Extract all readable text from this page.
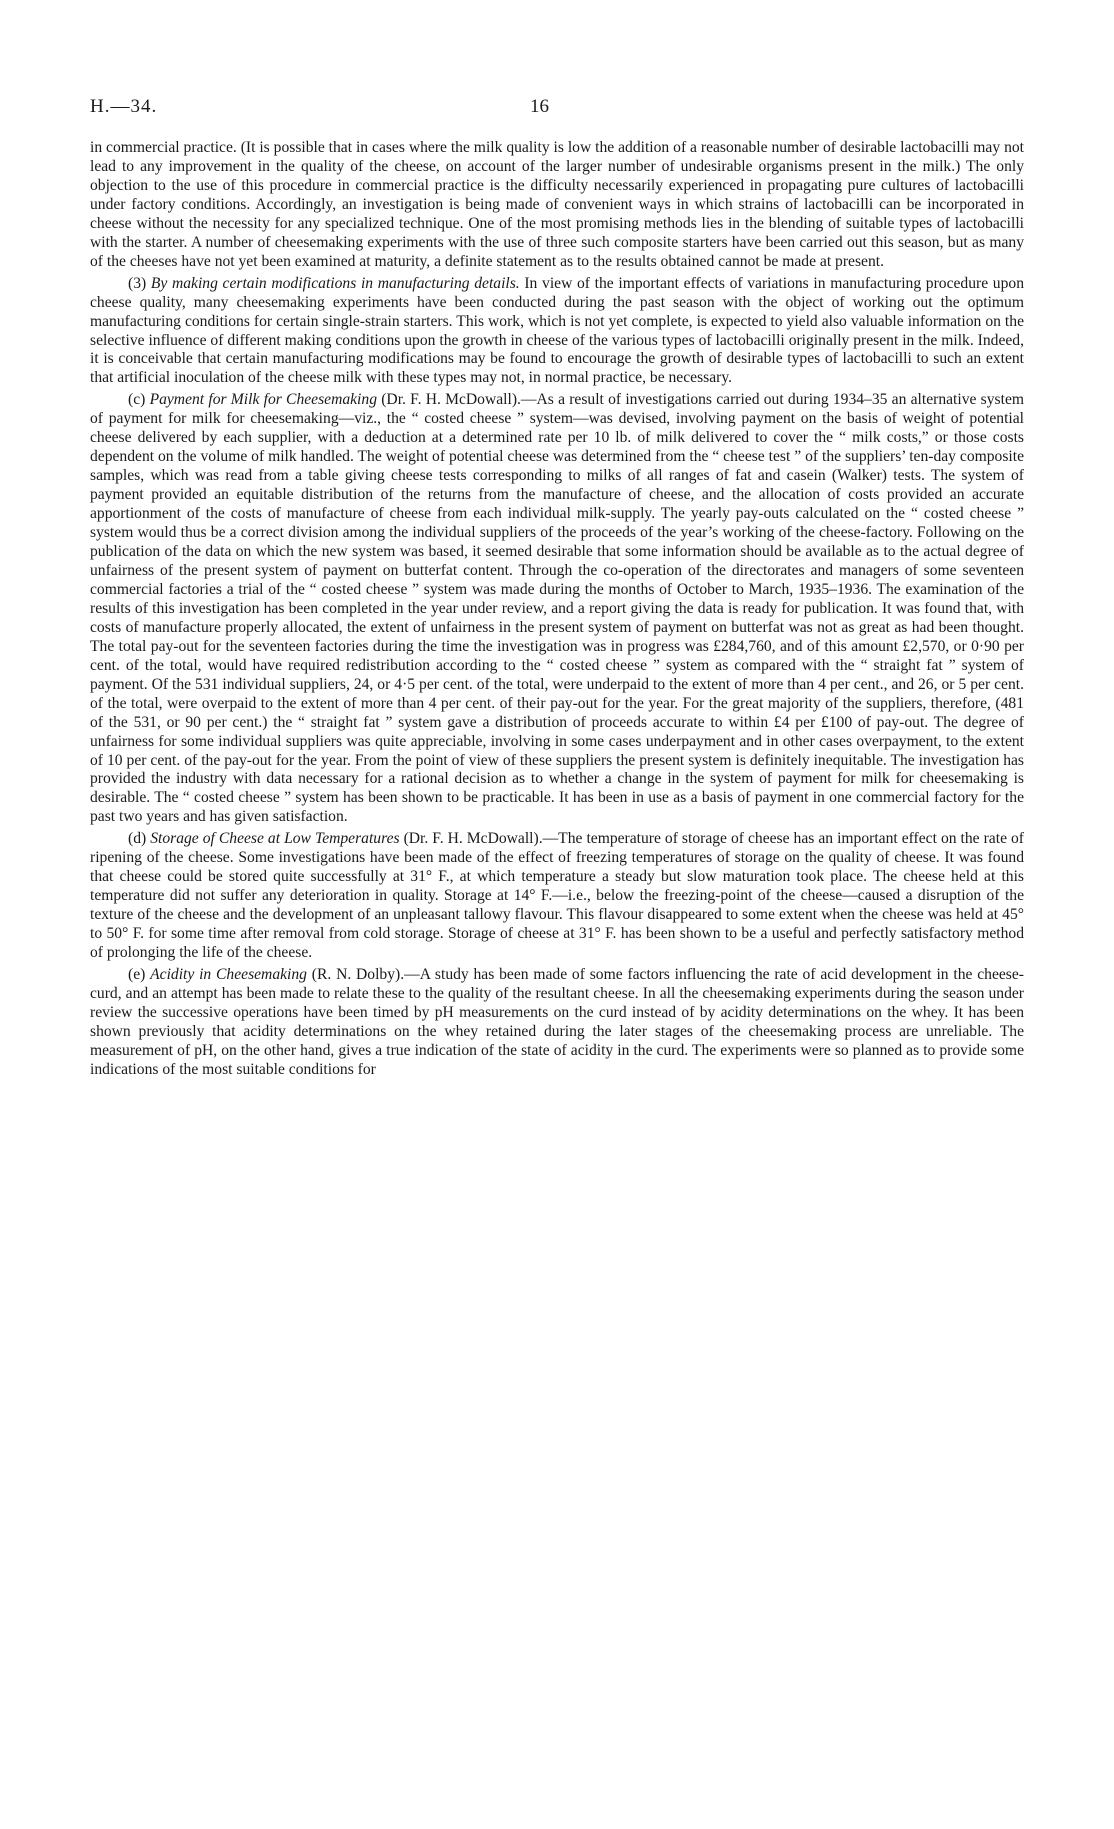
H.—34.	16

in commercial practice. (It is possible that in cases where the milk quality is low the addition of a reasonable number of desirable lactobacilli may not lead to any improvement in the quality of the cheese, on account of the larger number of undesirable organisms present in the milk.) The only objection to the use of this procedure in commercial practice is the difficulty necessarily experienced in propagating pure cultures of lactobacilli under factory conditions. Accordingly, an investigation is being made of convenient ways in which strains of lactobacilli can be incorporated in cheese without the necessity for any specialized technique. One of the most promising methods lies in the blending of suitable types of lactobacilli with the starter. A number of cheesemaking experiments with the use of three such composite starters have been carried out this season, but as many of the cheeses have not yet been examined at maturity, a definite statement as to the results obtained cannot be made at present.

(3) By making certain modifications in manufacturing details. In view of the important effects of variations in manufacturing procedure upon cheese quality, many cheesemaking experiments have been conducted during the past season with the object of working out the optimum manufacturing conditions for certain single-strain starters. This work, which is not yet complete, is expected to yield also valuable information on the selective influence of different making conditions upon the growth in cheese of the various types of lactobacilli originally present in the milk. Indeed, it is conceivable that certain manufacturing modifications may be found to encourage the growth of desirable types of lactobacilli to such an extent that artificial inoculation of the cheese milk with these types may not, in normal practice, be necessary.

(c) Payment for Milk for Cheesemaking (Dr. F. H. McDowall).—As a result of investigations carried out during 1934–35 an alternative system of payment for milk for cheesemaking—viz., the “ costed cheese ” system—was devised, involving payment on the basis of weight of potential cheese delivered by each supplier, with a deduction at a determined rate per 10 lb. of milk delivered to cover the “ milk costs,” or those costs dependent on the volume of milk handled. The weight of potential cheese was determined from the “ cheese test ” of the suppliers’ ten-day composite samples, which was read from a table giving cheese tests corresponding to milks of all ranges of fat and casein (Walker) tests. The system of payment provided an equitable distribution of the returns from the manufacture of cheese, and the allocation of costs provided an accurate apportionment of the costs of manufacture of cheese from each individual milk-supply. The yearly pay-outs calculated on the “ costed cheese ” system would thus be a correct division among the individual suppliers of the proceeds of the year’s working of the cheese-factory. Following on the publication of the data on which the new system was based, it seemed desirable that some information should be available as to the actual degree of unfairness of the present system of payment on butterfat content. Through the co-operation of the directorates and managers of some seventeen commercial factories a trial of the “ costed cheese ” system was made during the months of October to March, 1935–1936. The examination of the results of this investigation has been completed in the year under review, and a report giving the data is ready for publication. It was found that, with costs of manufacture properly allocated, the extent of unfairness in the present system of payment on butterfat was not as great as had been thought. The total pay-out for the seventeen factories during the time the investigation was in progress was £284,760, and of this amount £2,570, or 0·90 per cent. of the total, would have required redistribution according to the “ costed cheese ” system as compared with the “ straight fat ” system of payment. Of the 531 individual suppliers, 24, or 4·5 per cent. of the total, were underpaid to the extent of more than 4 per cent., and 26, or 5 per cent. of the total, were overpaid to the extent of more than 4 per cent. of their pay-out for the year. For the great majority of the suppliers, therefore, (481 of the 531, or 90 per cent.) the “ straight fat ” system gave a distribution of proceeds accurate to within £4 per £100 of pay-out. The degree of unfairness for some individual suppliers was quite appreciable, involving in some cases underpayment and in other cases overpayment, to the extent of 10 per cent. of the pay-out for the year. From the point of view of these suppliers the present system is definitely inequitable. The investigation has provided the industry with data necessary for a rational decision as to whether a change in the system of payment for milk for cheesemaking is desirable. The “ costed cheese ” system has been shown to be practicable. It has been in use as a basis of payment in one commercial factory for the past two years and has given satisfaction.

(d) Storage of Cheese at Low Temperatures (Dr. F. H. McDowall).—The temperature of storage of cheese has an important effect on the rate of ripening of the cheese. Some investigations have been made of the effect of freezing temperatures of storage on the quality of cheese. It was found that cheese could be stored quite successfully at 31° F., at which temperature a steady but slow maturation took place. The cheese held at this temperature did not suffer any deterioration in quality. Storage at 14° F.—i.e., below the freezing-point of the cheese—caused a disruption of the texture of the cheese and the development of an unpleasant tallowy flavour. This flavour disappeared to some extent when the cheese was held at 45° to 50° F. for some time after removal from cold storage. Storage of cheese at 31° F. has been shown to be a useful and perfectly satisfactory method of prolonging the life of the cheese.

(e) Acidity in Cheesemaking (R. N. Dolby).—A study has been made of some factors influencing the rate of acid development in the cheese-curd, and an attempt has been made to relate these to the quality of the resultant cheese. In all the cheesemaking experiments during the season under review the successive operations have been timed by pH measurements on the curd instead of by acidity determinations on the whey. It has been shown previously that acidity determinations on the whey retained during the later stages of the cheesemaking process are unreliable. The measurement of pH, on the other hand, gives a true indication of the state of acidity in the curd. The experiments were so planned as to provide some indications of the most suitable conditions for
